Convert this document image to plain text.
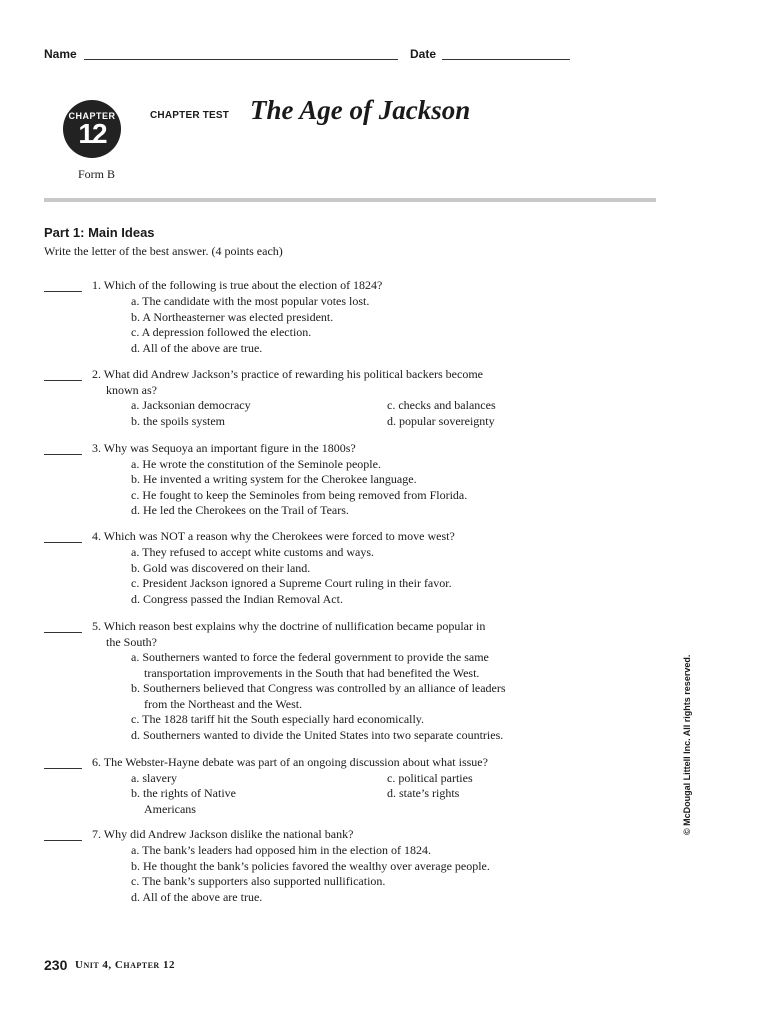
Name	Date
CHAPTER
12
CHAPTER TEST The Age of Jackson
Form B
Part 1: Main Ideas
Write the letter of the best answer. (4 points each)
1. Which of the following is true about the election of 1824?
a. The candidate with the most popular votes lost.
b. A Northeasterner was elected president.
c. A depression followed the election.
d. All of the above are true.
2. What did Andrew Jackson’s practice of rewarding his political backers become
known as?
a. Jacksonian democracy
b. the spoils system
c. checks and balances
d. popular sovereignty
3. Why was Sequoya an important figure in the 1800s?
a. He wrote the constitution of the Seminole people.
b. He invented a writing system for the Cherokee language.
c. He fought to keep the Seminoles from being removed from Florida.
d. He led the Cherokees on the Trail of Tears.
4. Which was NOT a reason why the Cherokees were forced to move west?
a. They refused to accept white customs and ways.
b. Gold was discovered on their land.
c. President Jackson ignored a Supreme Court ruling in their favor.
d. Congress passed the Indian Removal Act.
5. Which reason best explains why the doctrine of nullification became popular in
the South?
a. Southerners wanted to force the federal government to provide the same
transportation improvements in the South that had benefited the West.
b. Southerners believed that Congress was controlled by an alliance of leaders
from the Northeast and the West.
c. The 1828 tariff hit the South especially hard economically.
d. Southerners wanted to divide the United States into two separate countries.
6. The Webster-Hayne debate was part of an ongoing discussion about what issue?
a. slavery
b. the rights of Native
Americans
c. political parties
d. state’s rights
7. Why did Andrew Jackson dislike the national bank?
a. The bank’s leaders had opposed him in the election of 1824.
b. He thought the bank’s policies favored the wealthy over average people.
c. The bank’s supporters also supported nullification.
d. All of the above are true.
© McDougal Littell Inc. All rights reserved.
230 Unit 4, Chapter 12
